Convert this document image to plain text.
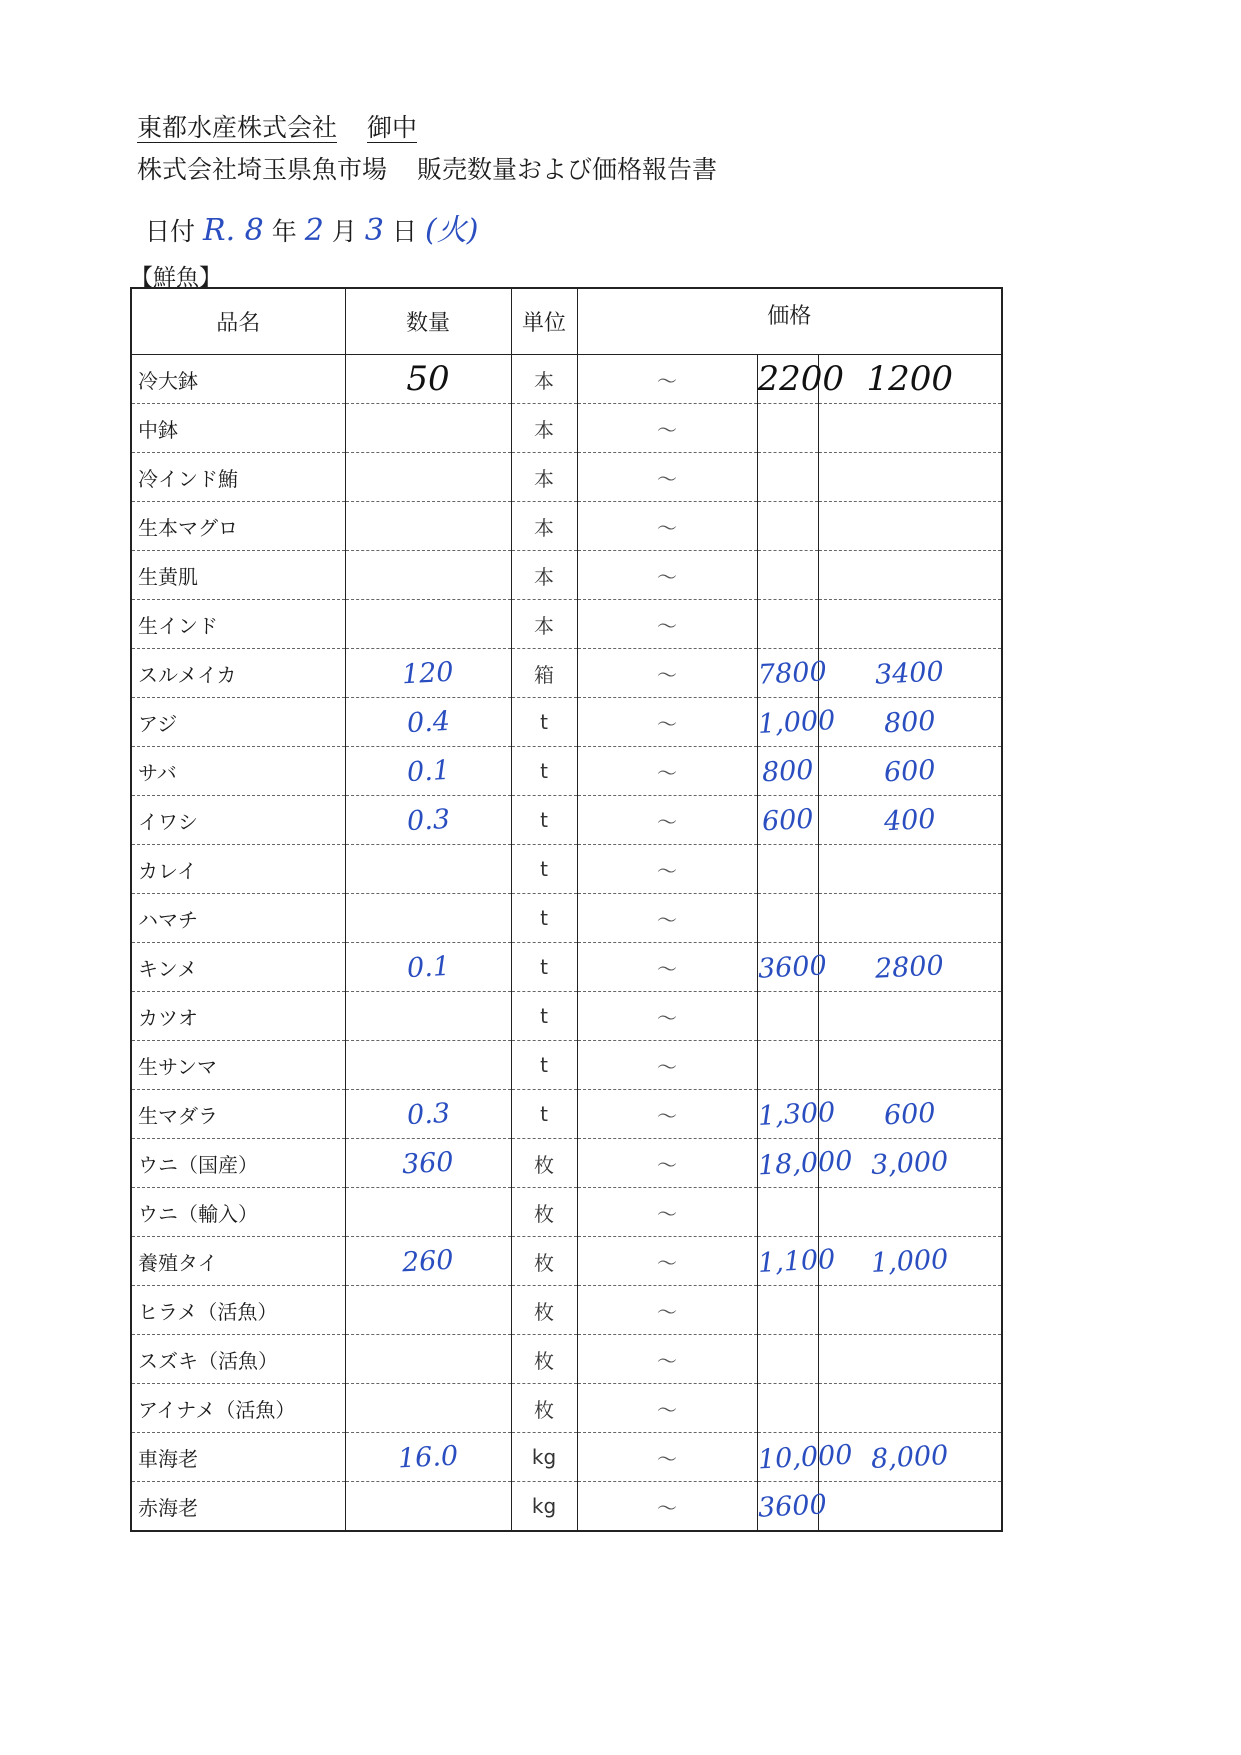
東都水産株式会社 御中
株式会社埼玉県魚市場 販売数量および価格報告書
日付 R. 8 年 2 月 3 日 (火)
【鮮魚】
品名	数量	単位	価格		
冷大鉢	50	本	～	2200	1200
中鉢		本	～		
冷インド鮪		本	～		
生本マグロ		本	～		
生黄肌		本	～		
生インド		本	～		
スルメイカ	120	箱	～	7800	3400
アジ	0.4	t	～	1,000	800
サバ	0.1	t	～	800	600
イワシ	0.3	t	～	600	400
カレイ		t	～		
ハマチ		t	～		
キンメ	0.1	t	～	3600	2800
カツオ		t	～		
生サンマ		t	～		
生マダラ	0.3	t	～	1,300	600
ウニ（国産）	360	枚	～	18,000	3,000
ウニ（輸入）		枚	～		
養殖タイ	260	枚	～	1,100	1,000
ヒラメ（活魚）		枚	～		
スズキ（活魚）		枚	～		
アイナメ（活魚）		枚	～		
車海老	16.0	kg	～	10,000	8,000
赤海老		kg	～	3600	
